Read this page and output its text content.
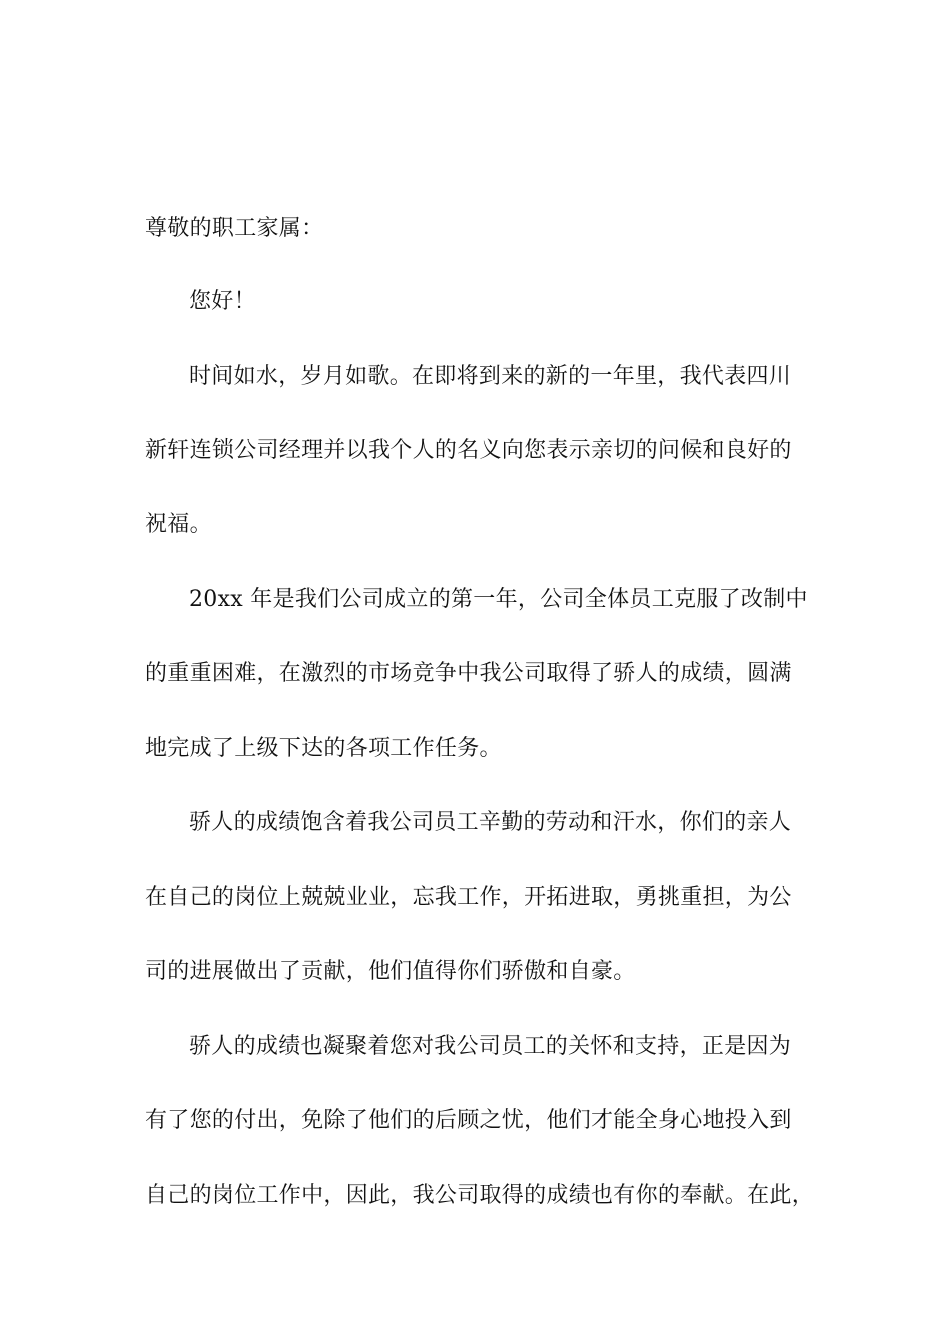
尊敬的职工家属：
您好！
时间如水，岁月如歌。在即将到来的新的一年里，我代表四川
新轩连锁公司经理并以我个人的名义向您表示亲切的问候和良好的
祝福。
20xx 年是我们公司成立的第一年，公司全体员工克服了改制中
的重重困难，在激烈的市场竞争中我公司取得了骄人的成绩，圆满
地完成了上级下达的各项工作任务。
骄人的成绩饱含着我公司员工辛勤的劳动和汗水，你们的亲人
在自己的岗位上兢兢业业，忘我工作，开拓进取，勇挑重担，为公
司的进展做出了贡献，他们值得你们骄傲和自豪。
骄人的成绩也凝聚着您对我公司员工的关怀和支持，正是因为
有了您的付出，免除了他们的后顾之忧，他们才能全身心地投入到
自己的岗位工作中，因此，我公司取得的成绩也有你的奉献。在此，
